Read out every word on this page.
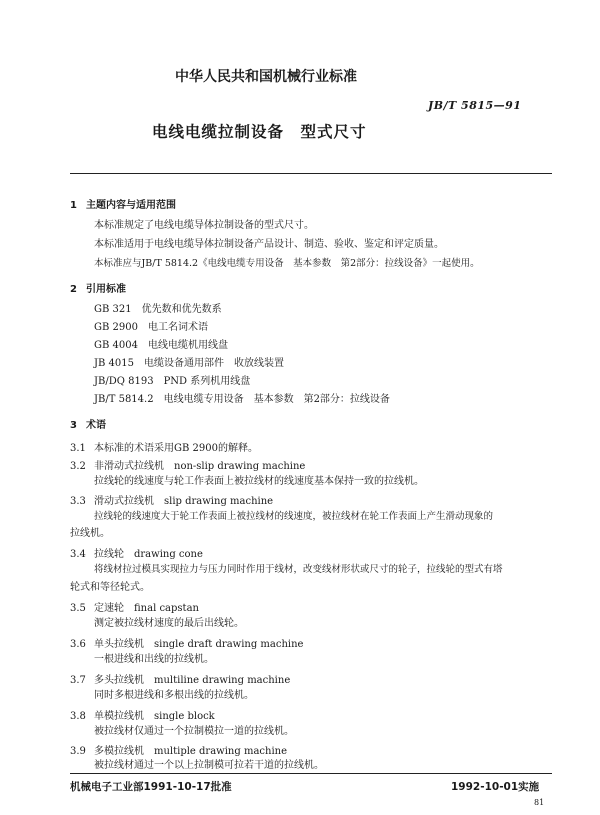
中华人民共和国机械行业标准
JB/T 5815—91
电线电缆拉制设备　型式尺寸
1 主题内容与适用范围
本标准规定了电线电缆导体拉制设备的型式尺寸。
本标准适用于电线电缆导体拉制设备产品设计、制造、验收、鉴定和评定质量。
本标准应与JB/T 5814.2《电线电缆专用设备　基本参数　第2部分：拉线设备》一起使用。
2 引用标准
GB 321　优先数和优先数系
GB 2900　电工名词术语
GB 4004　电线电缆机用线盘
JB 4015　电缆设备通用部件　收放线装置
JB/DQ 8193　PND 系列机用线盘
JB/T 5814.2　电线电缆专用设备　基本参数　第2部分：拉线设备
3 术语
3.1 本标准的术语采用GB 2900的解释。
3.2 非滑动式拉线机　non-slip drawing machine
拉线轮的线速度与轮工作表面上被拉线材的线速度基本保持一致的拉线机。
3.3 滑动式拉线机　slip drawing machine
拉线轮的线速度大于轮工作表面上被拉线材的线速度，被拉线材在轮工作表面上产生滑动现象的
拉线机。
3.4 拉线轮　drawing cone
将线材拉过模具实现拉力与压力同时作用于线材，改变线材形状或尺寸的轮子，拉线轮的型式有塔
轮式和等径轮式。
3.5 定速轮　final capstan
测定被拉线材速度的最后出线轮。
3.6 单头拉线机　single draft drawing machine
一根进线和出线的拉线机。
3.7 多头拉线机　multiline drawing machine
同时多根进线和多根出线的拉线机。
3.8 单模拉线机　single block
被拉线材仅通过一个拉制模拉一道的拉线机。
3.9 多模拉线机　multiple drawing machine
被拉线材通过一个以上拉制模可拉若干道的拉线机。
机械电子工业部1991-10-17批准	1992-10-01实施
81
